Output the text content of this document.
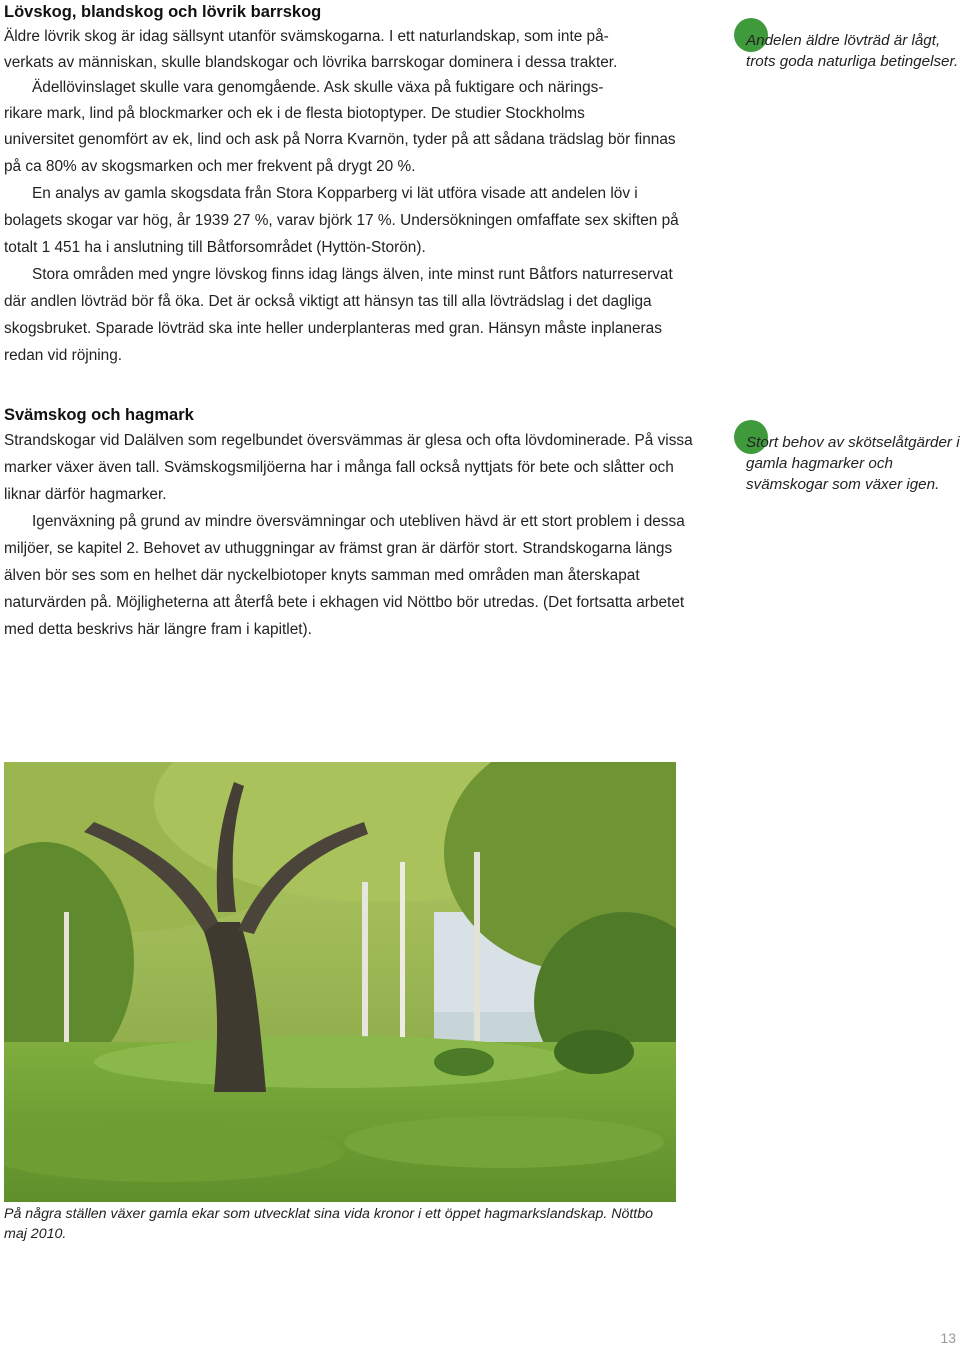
Lövskog, blandskog och lövrik barrskog

Äldre lövrik skog är idag sällsynt utanför svämskogarna. I ett naturlandskap, som inte på-
verkats av människan, skulle blandskogar och lövrika barrskogar dominera i dessa trakter.
Ädellövinslaget skulle vara genomgående. Ask skulle växa på fuktigare och närings-
rikare mark, lind på blockmarker och ek i de flesta biotoptyper. De studier Stockholms

universitet genomfört av ek, lind och ask på Norra Kvarnön, tyder på att sådana trädslag bör finnas på ca 80% av skogsmarken och mer frekvent på drygt 20 %.

En analys av gamla skogsdata från Stora Kopparberg vi lät utföra visade att andelen löv i bolagets skogar var hög, år 1939 27 %, varav björk 17 %. Undersökningen omfaffate sex skiften på totalt 1 451 ha i anslutning till Båtforsområdet (Hyttön-Storön).

Stora områden med yngre lövskog finns idag längs älven, inte minst runt Båtfors naturreservat där andlen lövträd bör få öka. Det är också viktigt att hänsyn tas till alla lövträdslag i det dagliga skogsbruket. Sparade lövträd ska inte heller underplanteras med gran. Hänsyn måste inplaneras redan vid röjning.

Andelen äldre lövträd är lågt, trots goda naturliga betingelser.

Svämskog och hagmark

Strandskogar vid Dalälven som regelbundet översvämmas är glesa och ofta lövdominerade. På vissa marker växer även tall. Svämskogsmiljöerna har i många fall också nyttjats för bete och slåtter och liknar därför hagmarker.

Igenväxning på grund av mindre översvämningar och utebliven hävd är ett stort problem i dessa miljöer, se kapitel 2. Behovet av uthuggningar av främst gran är därför stort. Strandskogarna längs älven bör ses som en helhet där nyckelbiotoper knyts samman med områden man återskapat naturvärden på. Möjligheterna att återfå bete i ekhagen vid Nöttbo bör utredas. (Det fortsatta arbetet med detta beskrivs här längre fram i kapitlet).

Stort behov av skötselåtgärder i gamla hagmarker och svämskogar som växer igen.

På några ställen växer gamla ekar som utvecklat sina vida kronor i ett öppet hagmarkslandskap. Nöttbo maj 2010.

13
